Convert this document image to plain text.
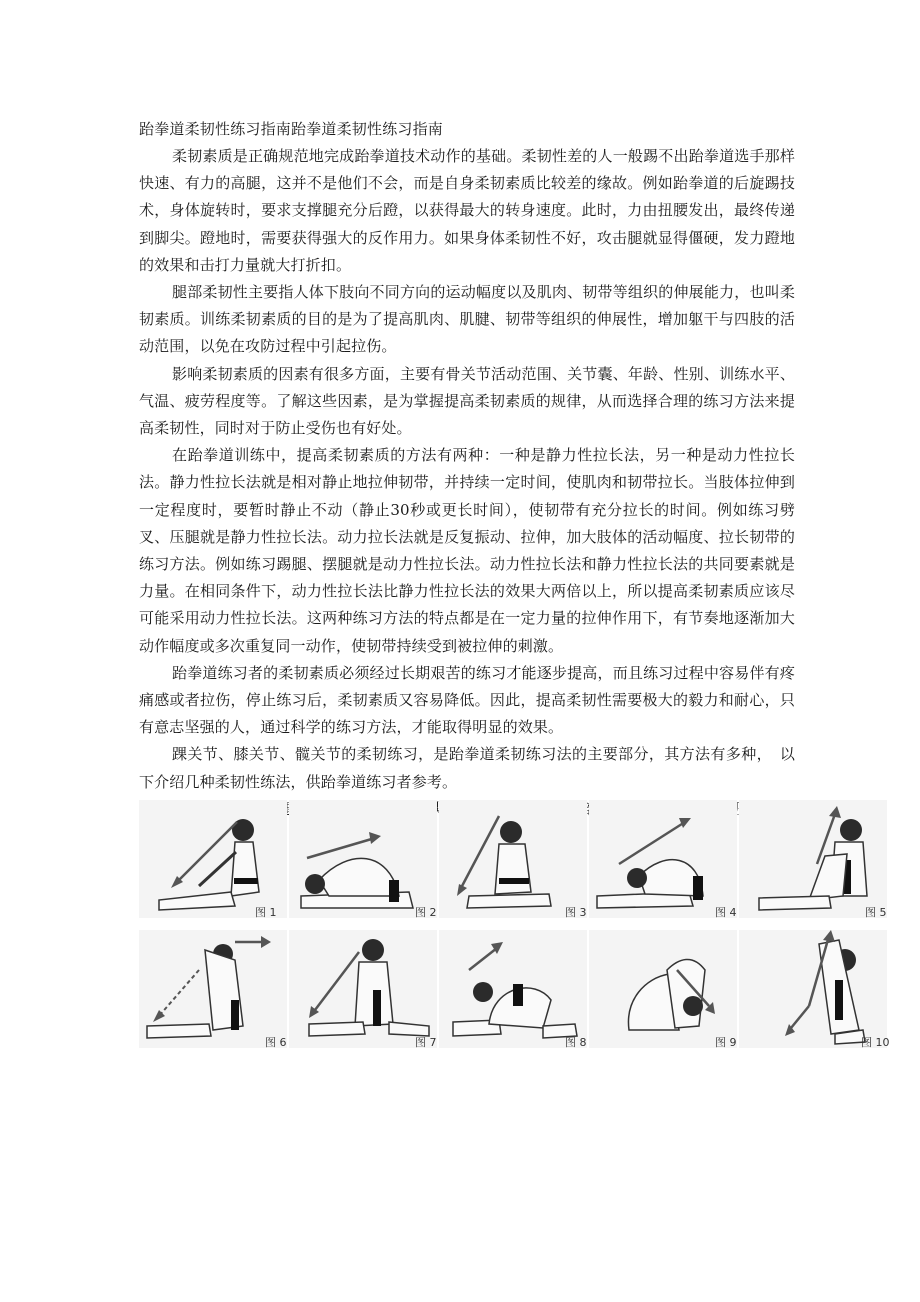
跆拳道柔韧性练习指南跆拳道柔韧性练习指南

柔韧素质是正确规范地完成跆拳道技术动作的基础。柔韧性差的人一般踢不出跆拳道选手那样快速、有力的高腿，这并不是他们不会，而是自身柔韧素质比较差的缘故。例如跆拳道的后旋踢技术，身体旋转时，要求支撑腿充分后蹬，以获得最大的转身速度。此时，力由扭腰发出，最终传递到脚尖。蹬地时，需要获得强大的反作用力。如果身体柔韧性不好，攻击腿就显得僵硬，发力蹬地的效果和击打力量就大打折扣。

腿部柔韧性主要指人体下肢向不同方向的运动幅度以及肌肉、韧带等组织的伸展能力，也叫柔韧素质。训练柔韧素质的目的是为了提高肌肉、肌腱、韧带等组织的伸展性，增加躯干与四肢的活动范围，以免在攻防过程中引起拉伤。

影响柔韧素质的因素有很多方面，主要有骨关节活动范围、关节囊、年龄、性别、训练水平、气温、疲劳程度等。了解这些因素，是为掌握提高柔韧素质的规律，从而选择合理的练习方法来提高柔韧性，同时对于防止受伤也有好处。

在跆拳道训练中，提高柔韧素质的方法有两种：一种是静力性拉长法，另一种是动力性拉长法。静力性拉长法就是相对静止地拉伸韧带，并持续一定时间，使肌肉和韧带拉长。当肢体拉伸到一定程度时，要暂时静止不动（静止30秒或更长时间），使韧带有充分拉长的时间。例如练习劈叉、压腿就是静力性拉长法。动力拉长法就是反复振动、拉伸，加大肢体的活动幅度、拉长韧带的练习方法。例如练习踢腿、摆腿就是动力性拉长法。动力性拉长法和静力性拉长法的共同要素就是力量。在相同条件下，动力性拉长法比静力性拉长法的效果大两倍以上，所以提高柔韧素质应该尽可能采用动力性拉长法。这两种练习方法的特点都是在一定力量的拉伸作用下，有节奏地逐渐加大动作幅度或多次重复同一动作，使韧带持续受到被拉伸的刺激。

跆拳道练习者的柔韧素质必须经过长期艰苦的练习才能逐步提高，而且练习过程中容易伴有疼痛感或者拉伤，停止练习后，柔韧素质又容易降低。因此，提高柔韧性需要极大的毅力和耐心，只有意志坚强的人，通过科学的练习方法，才能取得明显的效果。

踝关节、膝关节、髋关节的柔韧练习，是跆拳道柔韧练习法的主要部分，其方法有多种，　以下介绍几种柔韧性练法，供跆拳道练习者参考。

图 1	图 2	图 3	图 4	图 5
图 6	图 7	图 8	图 9	图 10
